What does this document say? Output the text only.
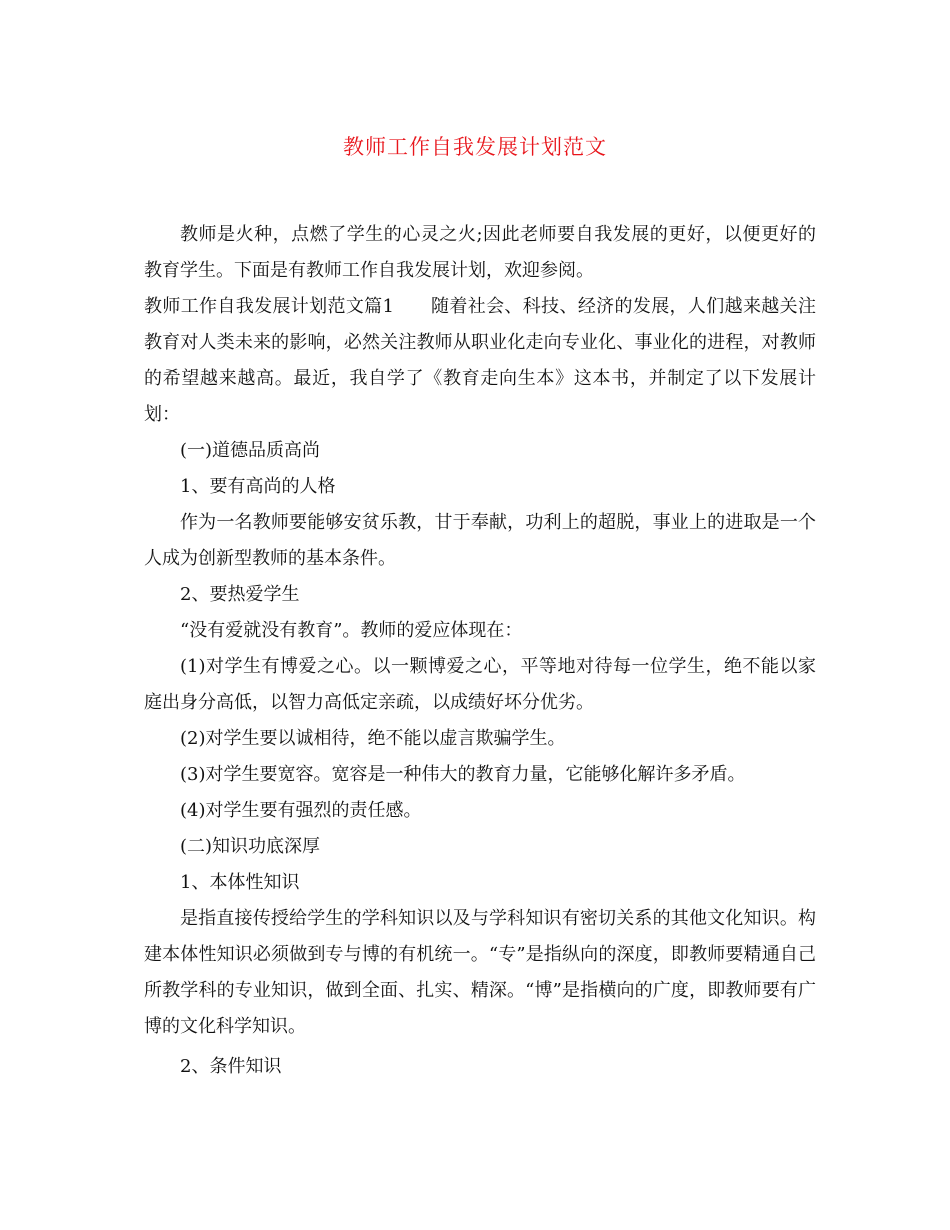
教师工作自我发展计划范文

教师是火种，点燃了学生的心灵之火;因此老师要自我发展的更好，以便更好的教育学生。下面是有教师工作自我发展计划，欢迎参阅。

教师工作自我发展计划范文篇1　　随着社会、科技、经济的发展，人们越来越关注教育对人类未来的影响，必然关注教师从职业化走向专业化、事业化的进程，对教师的希望越来越高。最近，我自学了《教育走向生本》这本书，并制定了以下发展计划：

(一)道德品质高尚

1、要有高尚的人格

作为一名教师要能够安贫乐教，甘于奉献，功利上的超脱，事业上的进取是一个人成为创新型教师的基本条件。

2、要热爱学生

“没有爱就没有教育”。教师的爱应体现在：

(1)对学生有博爱之心。以一颗博爱之心，平等地对待每一位学生，绝不能以家庭出身分高低，以智力高低定亲疏，以成绩好坏分优劣。

(2)对学生要以诚相待，绝不能以虚言欺骗学生。

(3)对学生要宽容。宽容是一种伟大的教育力量，它能够化解许多矛盾。

(4)对学生要有强烈的责任感。

(二)知识功底深厚

1、本体性知识

是指直接传授给学生的学科知识以及与学科知识有密切关系的其他文化知识。构建本体性知识必须做到专与博的有机统一。“专”是指纵向的深度，即教师要精通自己所教学科的专业知识，做到全面、扎实、精深。“博”是指横向的广度，即教师要有广博的文化科学知识。

2、条件知识
